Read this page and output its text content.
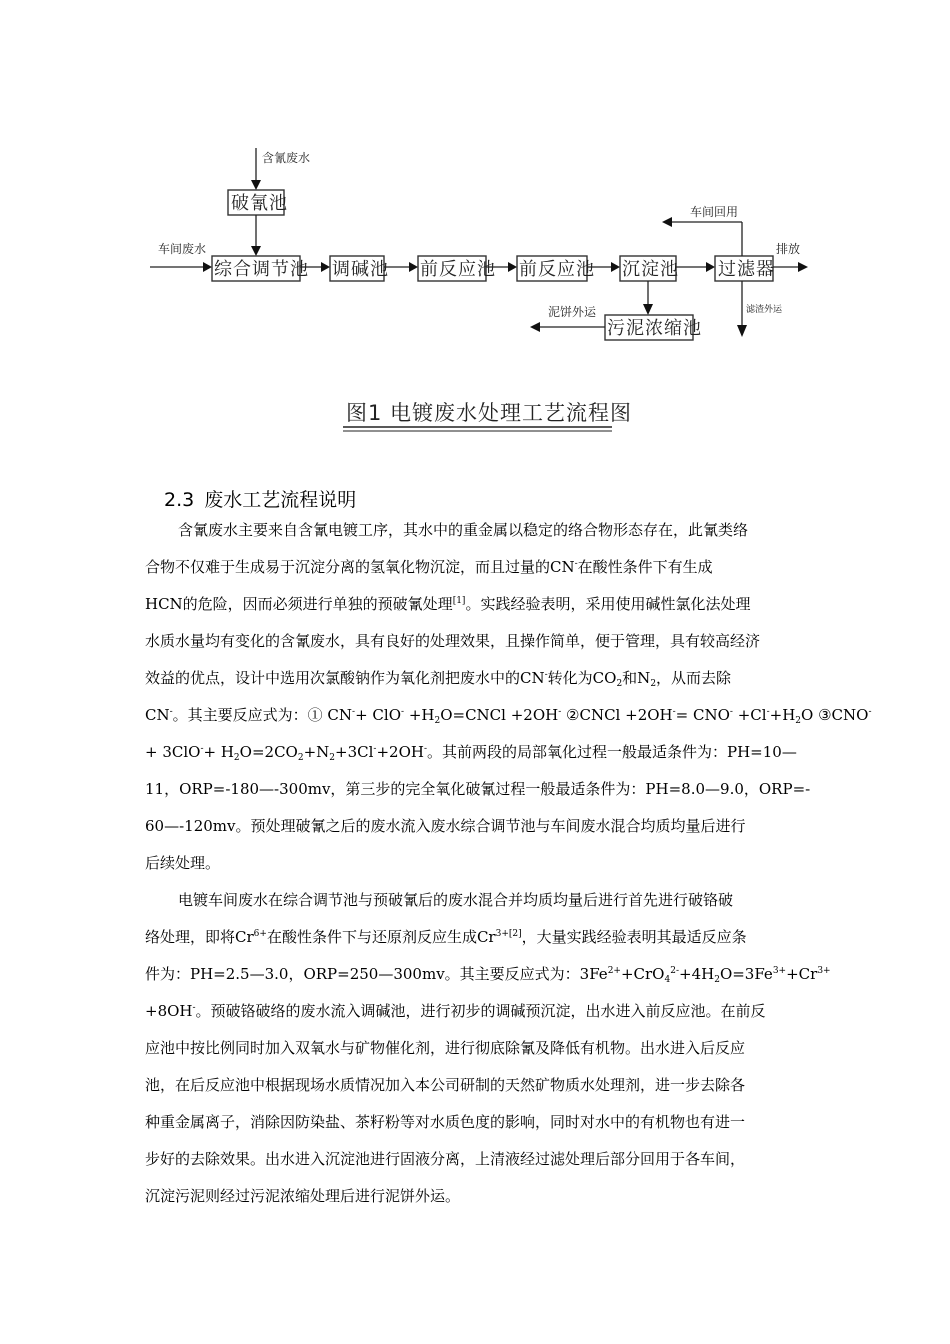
含氰废水
破氰池
车间废水
综合调节池 调碱池 前反应池 前反应池 沉淀池 过滤器
排放
车间回用
滤渣外运
污泥浓缩池
泥饼外运
图1 电镀废水处理工艺流程图
2.3 废水工艺流程说明
含氰废水主要来自含氰电镀工序，其水中的重金属以稳定的络合物形态存在，此氰类络
合物不仅难于生成易于沉淀分离的氢氧化物沉淀，而且过量的CN-在酸性条件下有生成
HCN的危险，因而必须进行单独的预破氰处理[1]。实践经验表明，采用使用碱性氯化法处理
水质水量均有变化的含氰废水，具有良好的处理效果，且操作简单，便于管理，具有较高经济
效益的优点，设计中选用次氯酸钠作为氧化剂把废水中的CN-转化为$CO_2$和$N_2$，从而去除
CN-。其主要反应式为：① $CN^-+ ClO^- +H_2O=CNCl +2OH^-$ ②CNCl $+2OH^-= CNO^- +Cl^-+H_2O$ ③CNO-
+ $3ClO^-+ H_2O=2CO_2+N_2+3Cl^-+2OH^-$。其前两段的局部氧化过程一般最适条件为：PH=10—
11，ORP=-180—-300mv，第三步的完全氧化破氰过程一般最适条件为：PH=8.0—9.0，ORP=-
60—-120mv。预处理破氰之后的废水流入废水综合调节池与车间废水混合均质均量后进行
后续处理。
电镀车间废水在综合调节池与预破氰后的废水混合并均质均量后进行首先进行破铬破
络处理，即将$Cr^{6+}$在酸性条件下与还原剂反应生成$Cr^{3+[2]}$，大量实践经验表明其最适反应条
件为：PH=2.5—3.0，ORP=250—300mv。其主要反应式为：$3Fe^{2+}+CrO_4^{2-}+4H_2O=3Fe^{3+}+Cr^{3+}$
+8OH-。预破铬破络的废水流入调碱池，进行初步的调碱预沉淀，出水进入前反应池。在前反
应池中按比例同时加入双氧水与矿物催化剂，进行彻底除氰及降低有机物。出水进入后反应
池，在后反应池中根据现场水质情况加入本公司研制的天然矿物质水处理剂，进一步去除各
种重金属离子，消除因防染盐、茶籽粉等对水质色度的影响，同时对水中的有机物也有进一
步好的去除效果。出水进入沉淀池进行固液分离，上清液经过滤处理后部分回用于各车间，
沉淀污泥则经过污泥浓缩处理后进行泥饼外运。
